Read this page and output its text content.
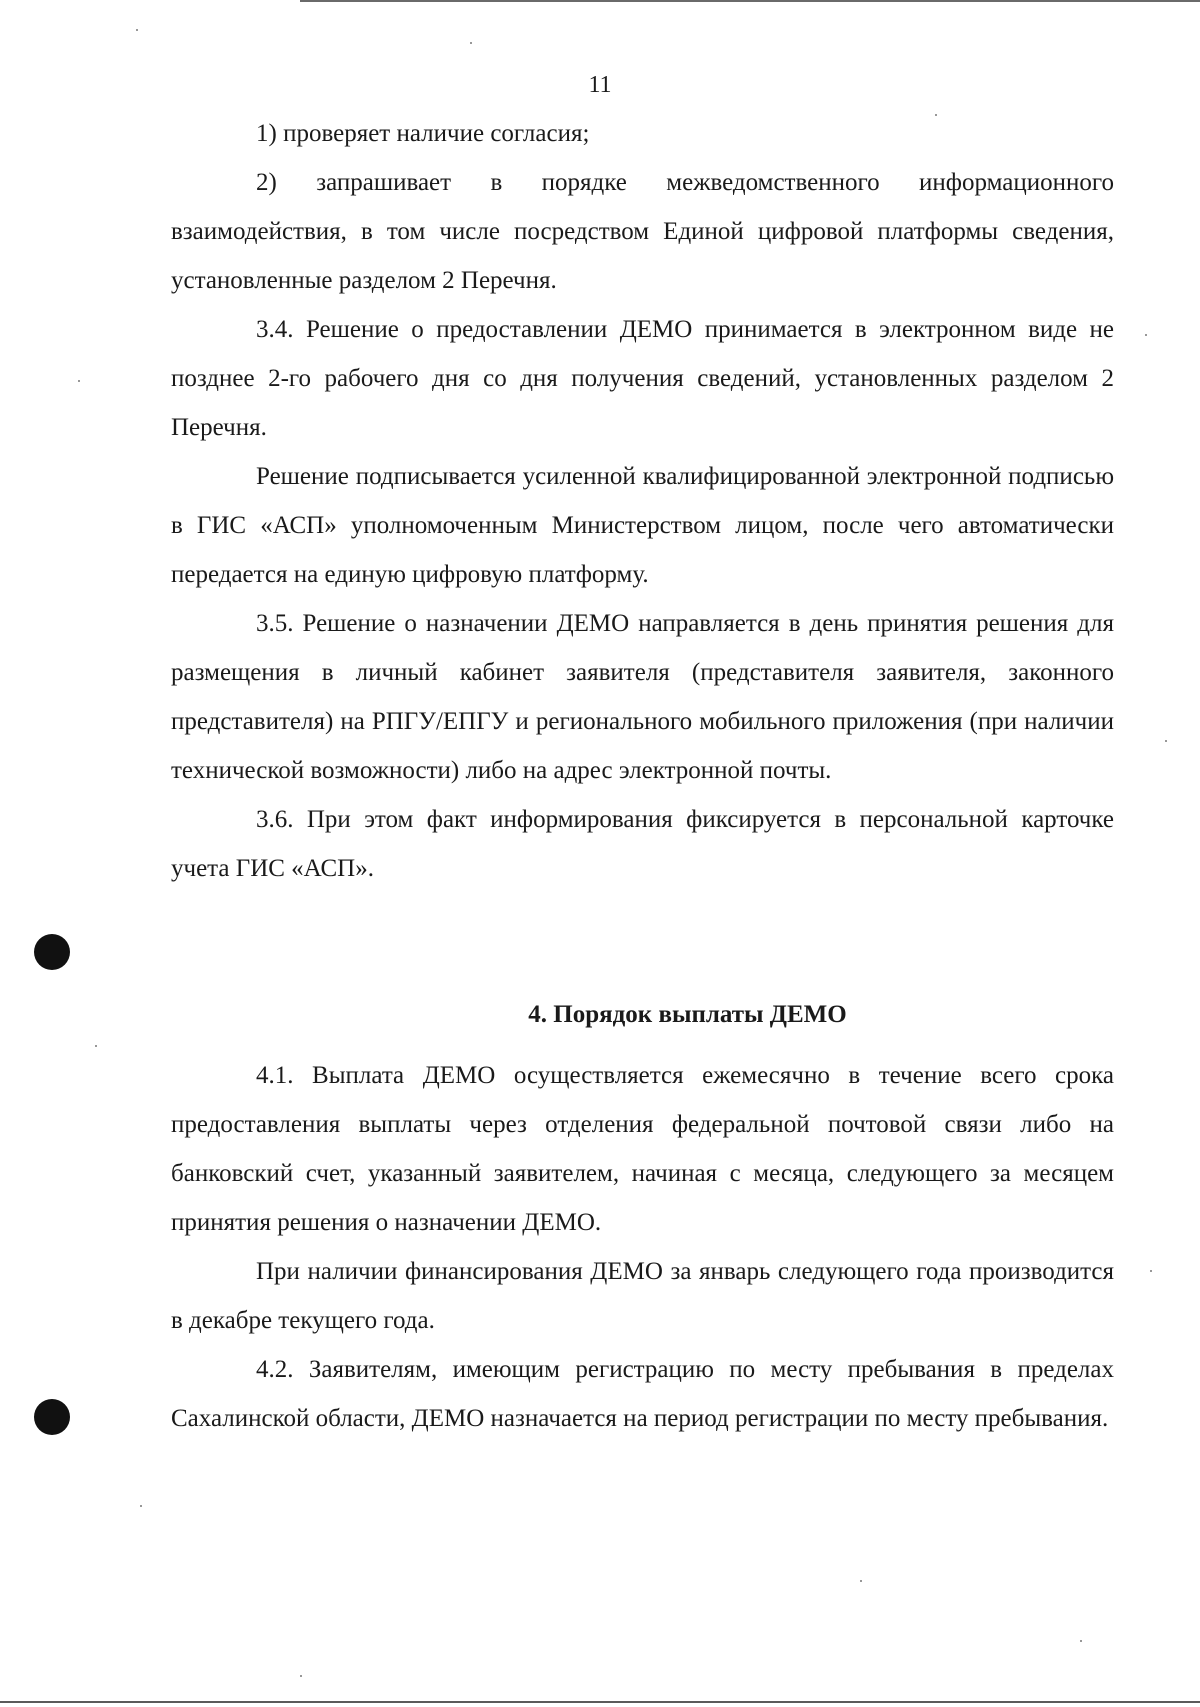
11

1) проверяет наличие согласия;

2) запрашивает в порядке межведомственного информационного взаимодействия, в том числе посредством Единой цифровой платформы сведения, установленные разделом 2 Перечня.

3.4. Решение о предоставлении ДЕМО принимается в электронном виде не позднее 2-го рабочего дня со дня получения сведений, установленных разделом 2 Перечня.

Решение подписывается усиленной квалифицированной электронной подписью в ГИС «АСП» уполномоченным Министерством лицом, после чего автоматически передается на единую цифровую платформу.

3.5. Решение о назначении ДЕМО направляется в день принятия решения для размещения в личный кабинет заявителя (представителя заявителя, законного представителя) на РПГУ/ЕПГУ и регионального мобильного приложения (при наличии технической возможности) либо на адрес электронной почты.

3.6. При этом факт информирования фиксируется в персональной карточке учета ГИС «АСП».

4. Порядок выплаты ДЕМО

4.1. Выплата ДЕМО осуществляется ежемесячно в течение всего срока предоставления выплаты через отделения федеральной почтовой связи либо на банковский счет, указанный заявителем, начиная с месяца, следующего за месяцем принятия решения о назначении ДЕМО.

При наличии финансирования ДЕМО за январь следующего года производится в декабре текущего года.

4.2. Заявителям, имеющим регистрацию по месту пребывания в пределах Сахалинской области, ДЕМО назначается на период регистрации по месту пребывания.
